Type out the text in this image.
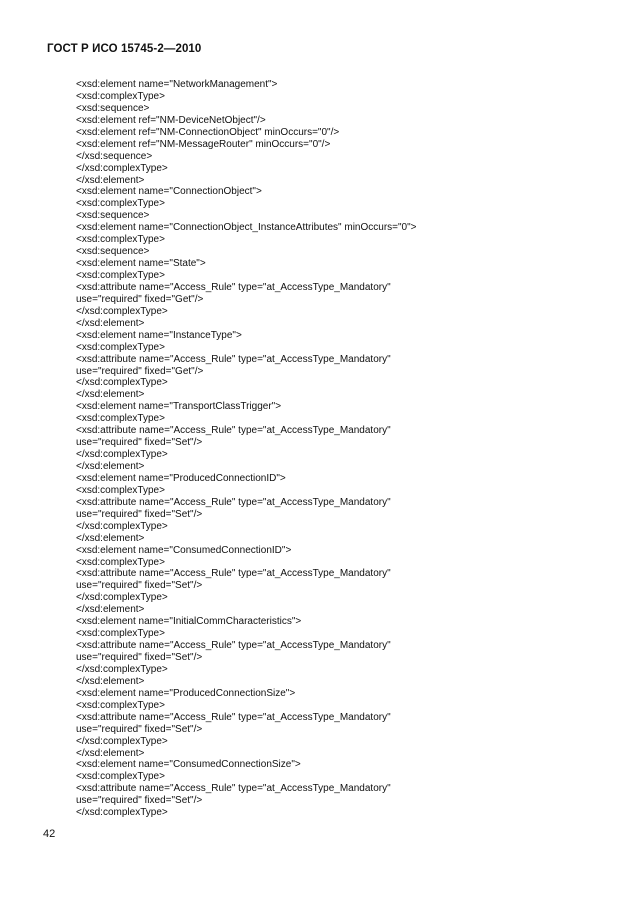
ГОСТ Р ИСО 15745-2—2010
<xsd:element name="NetworkManagement">
<xsd:complexType>
<xsd:sequence>
<xsd:element ref="NM-DeviceNetObject"/>
<xsd:element ref="NM-ConnectionObject" minOccurs="0"/>
<xsd:element ref="NM-MessageRouter" minOccurs="0"/>
</xsd:sequence>
</xsd:complexType>
</xsd:element>
<xsd:element name="ConnectionObject">
<xsd:complexType>
<xsd:sequence>
<xsd:element name="ConnectionObject_InstanceAttributes" minOccurs="0">
<xsd:complexType>
<xsd:sequence>
<xsd:element name="State">
<xsd:complexType>
<xsd:attribute name="Access_Rule" type="at_AccessType_Mandatory"
use="required" fixed="Get"/>
</xsd:complexType>
</xsd:element>
<xsd:element name="InstanceType">
<xsd:complexType>
<xsd:attribute name="Access_Rule" type="at_AccessType_Mandatory"
use="required" fixed="Get"/>
</xsd:complexType>
</xsd:element>
<xsd:element name="TransportClassTrigger">
<xsd:complexType>
<xsd:attribute name="Access_Rule" type="at_AccessType_Mandatory"
use="required" fixed="Set"/>
</xsd:complexType>
</xsd:element>
<xsd:element name="ProducedConnectionID">
<xsd:complexType>
<xsd:attribute name="Access_Rule" type="at_AccessType_Mandatory"
use="required" fixed="Set"/>
</xsd:complexType>
</xsd:element>
<xsd:element name="ConsumedConnectionID">
<xsd:complexType>
<xsd:attribute name="Access_Rule" type="at_AccessType_Mandatory"
use="required" fixed="Set"/>
</xsd:complexType>
</xsd:element>
<xsd:element name="InitialCommCharacteristics">
<xsd:complexType>
<xsd:attribute name="Access_Rule" type="at_AccessType_Mandatory"
use="required" fixed="Set"/>
</xsd:complexType>
</xsd:element>
<xsd:element name="ProducedConnectionSize">
<xsd:complexType>
<xsd:attribute name="Access_Rule" type="at_AccessType_Mandatory"
use="required" fixed="Set"/>
</xsd:complexType>
</xsd:element>
<xsd:element name="ConsumedConnectionSize">
<xsd:complexType>
<xsd:attribute name="Access_Rule" type="at_AccessType_Mandatory"
use="required" fixed="Set"/>
</xsd:complexType>
42
